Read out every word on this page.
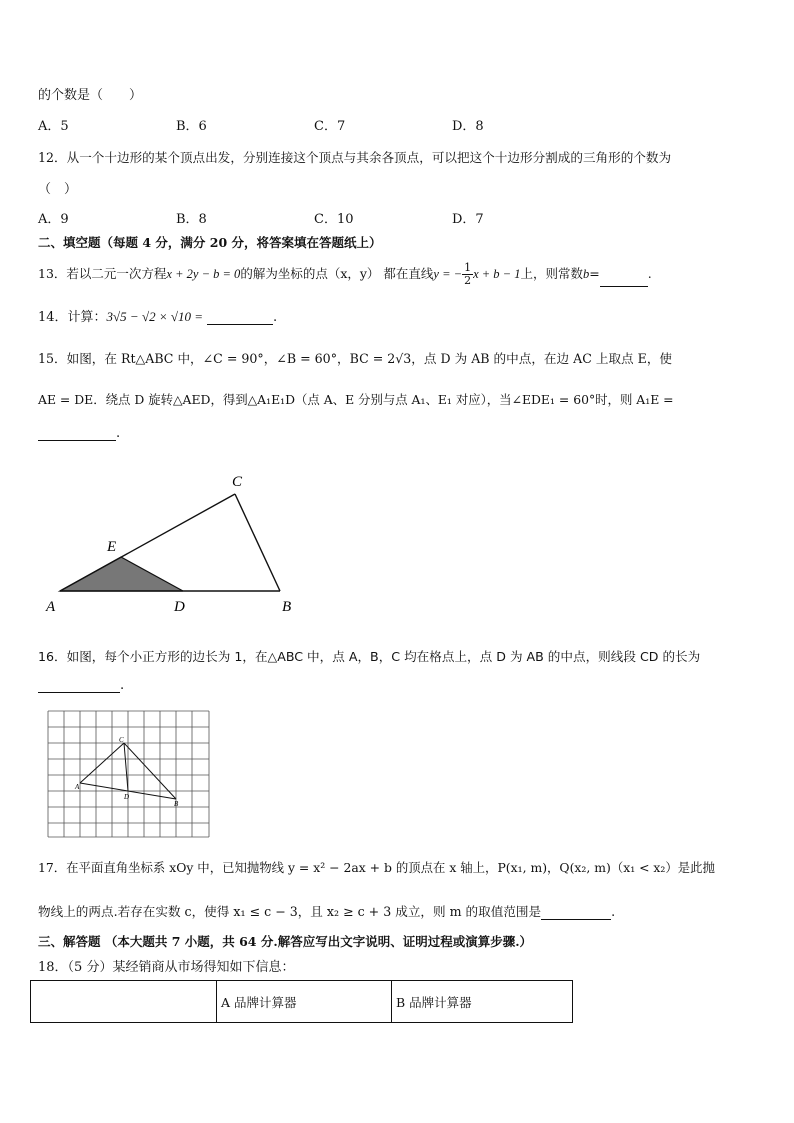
的个数是（　　）
A．5	B．6	C．7	D．8
12．从一个十边形的某个顶点出发，分别连接这个顶点与其余各顶点，可以把这个十边形分割成的三角形的个数为
（　）
A．9	B．8	C．10	D．7
二、填空题（每题 4 分，满分 20 分，将答案填在答题纸上）
13．若以二元一次方程x + 2y − b = 0的解为坐标的点（x，y） 都在直线y = − $\frac{1}{2}$ x + b − 1上，则常数b=	.
14．计算：3√5 − √2 × √10 =	.
15．如图，在 Rt△ABC 中，∠C = 90°，∠B = 60°，BC = 2√3，点 D 为 AB 的中点，在边 AC 上取点 E，使
AE = DE．绕点 D 旋转△AED，得到△A₁E₁D（点 A、E 分别与点 A₁、E₁ 对应），当∠EDE₁ = 60°时，则 A₁E =
.
C
E
A	D	B
16．如图，每个小正方形的边长为 1，在△ABC 中，点 A，B，C 均在格点上，点 D 为 AB 的中点，则线段 CD 的长为
.
C
A
D
B
17．在平面直角坐标系 xOy 中，已知抛物线 y = x² − 2ax + b 的顶点在 x 轴上，P(x₁, m)，Q(x₂, m)（x₁ < x₂）是此抛
物线上的两点.若存在实数 c，使得 x₁ ≤ c − 3，且 x₂ ≥ c + 3 成立，则 m 的取值范围是	.
三、解答题 （本大题共 7 小题，共 64 分.解答应写出文字说明、证明过程或演算步骤.）
18．（5 分）某经销商从市场得知如下信息：
	A 品牌计算器	B 品牌计算器
